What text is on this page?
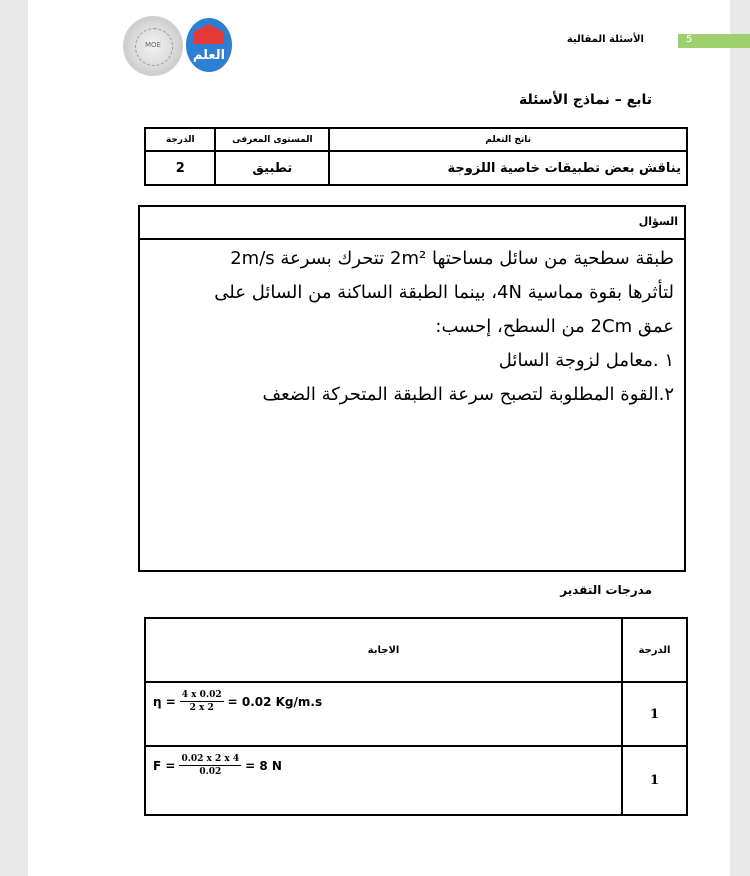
MOE
العلم
5
الأسئلة المقالية
تابع – نماذج الأسئلة
ناتج التعلم	المستوى المعرفى	الدرجة
يناقش بعض تطبيقات خاصية اللزوجة	تطبيق	2
السؤال
طبقة سطحية من سائل مساحتها 2m² تتحرك بسرعة 2m/s
لتأثرها بقوة مماسية 4N، بينما الطبقة الساكنة من السائل على
عمق 2Cm من السطح، إحسب:
١ .معامل لزوجة السائل
٢.القوة المطلوبة لتصبح سرعة الطبقة المتحركة الضعف
مدرجات التقدير
الدرجة	الاجابة
1	$\eta = \frac{4 x 0.02}{2 x 2} = 0.02$ Kg/m.s

1	$F = \frac{0.02 x 2 x 4}{0.02} = 8$ N
